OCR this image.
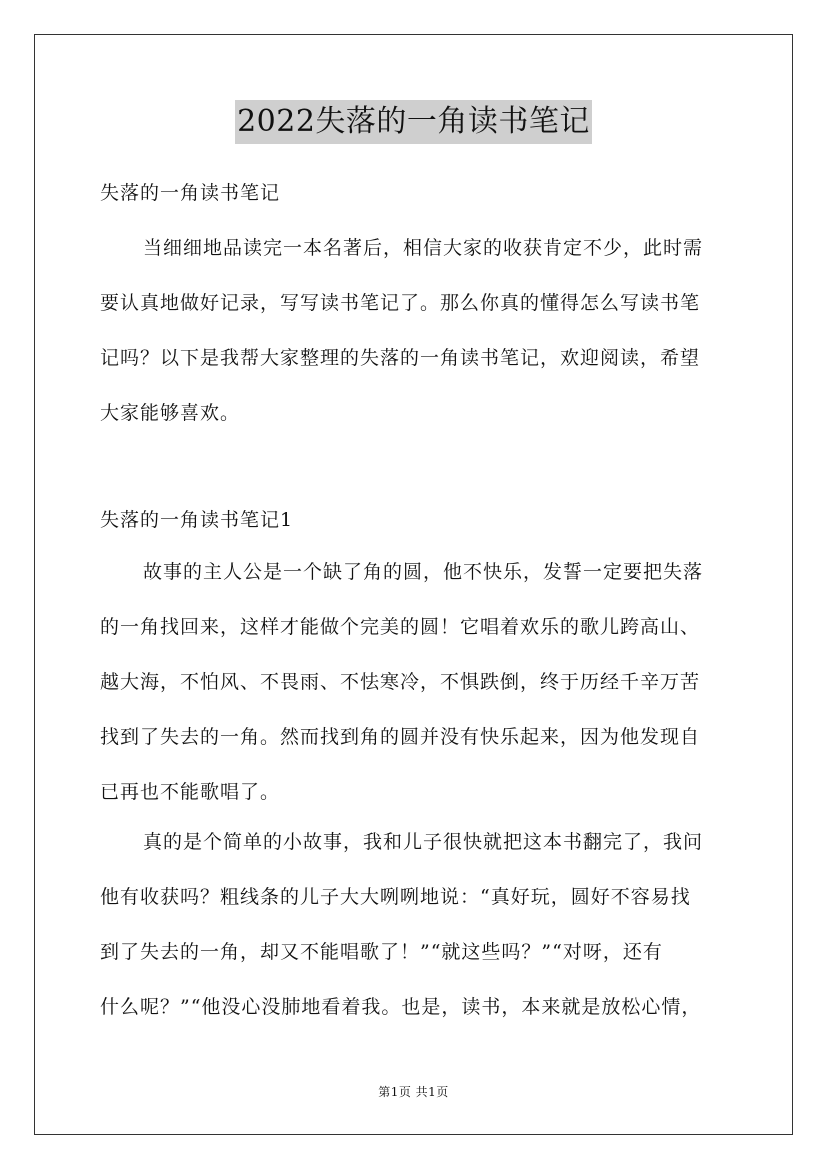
2022失落的一角读书笔记

失落的一角读书笔记

当细细地品读完一本名著后，相信大家的收获肯定不少，此时需
要认真地做好记录，写写读书笔记了。那么你真的懂得怎么写读书笔
记吗？以下是我帮大家整理的失落的一角读书笔记，欢迎阅读，希望
大家能够喜欢。

失落的一角读书笔记1

故事的主人公是一个缺了角的圆，他不快乐，发誓一定要把失落
的一角找回来，这样才能做个完美的圆！它唱着欢乐的歌儿跨高山、
越大海，不怕风、不畏雨、不怯寒冷，不惧跌倒，终于历经千辛万苦
找到了失去的一角。然而找到角的圆并没有快乐起来，因为他发现自
已再也不能歌唱了。
真的是个简单的小故事，我和儿子很快就把这本书翻完了，我问
他有收获吗？粗线条的儿子大大咧咧地说：“真好玩，圆好不容易找
到了失去的一角，却又不能唱歌了！”“就这些吗？”“对呀，还有
什么呢？”“他没心没肺地看着我。也是，读书，本来就是放松心情，
第1页 共1页
